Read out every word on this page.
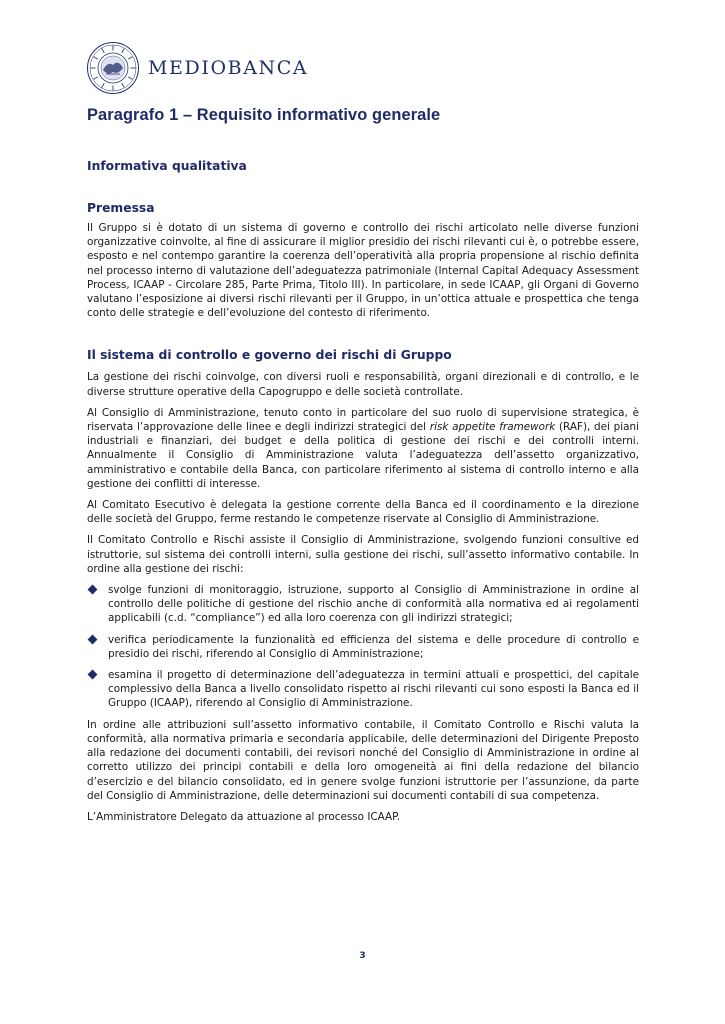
MEDIOBANCA
Paragrafo 1 – Requisito informativo generale
Informativa qualitativa
Premessa

Il Gruppo si è dotato di un sistema di governo e controllo dei rischi articolato nelle diverse funzioni organizzative coinvolte, al fine di assicurare il miglior presidio dei rischi rilevanti cui è, o potrebbe essere, esposto e nel contempo garantire la coerenza dell’operatività alla propria propensione al rischio definita nel processo interno di valutazione dell’adeguatezza patrimoniale (Internal Capital Adequacy Assessment Process, ICAAP - Circolare 285, Parte Prima, Titolo III). In particolare, in sede ICAAP, gli Organi di Governo valutano l’esposizione ai diversi rischi rilevanti per il Gruppo, in un’ottica attuale e prospettica che tenga conto delle strategie e dell’evoluzione del contesto di riferimento.

Il sistema di controllo e governo dei rischi di Gruppo

La gestione dei rischi coinvolge, con diversi ruoli e responsabilità, organi direzionali e di controllo, e le diverse strutture operative della Capogruppo e delle società controllate.

Al Consiglio di Amministrazione, tenuto conto in particolare del suo ruolo di supervisione strategica, è riservata l’approvazione delle linee e degli indirizzi strategici del risk appetite framework (RAF), dei piani industriali e finanziari, dei budget e della politica di gestione dei rischi e dei controlli interni. Annualmente il Consiglio di Amministrazione valuta l’adeguatezza dell’assetto organizzativo, amministrativo e contabile della Banca, con particolare riferimento al sistema di controllo interno e alla gestione dei conflitti di interesse.

Al Comitato Esecutivo è delegata la gestione corrente della Banca ed il coordinamento e la direzione delle società del Gruppo, ferme restando le competenze riservate al Consiglio di Amministrazione.

Il Comitato Controllo e Rischi assiste il Consiglio di Amministrazione, svolgendo funzioni consultive ed istruttorie, sul sistema dei controlli interni, sulla gestione dei rischi, sull’assetto informativo contabile. In ordine alla gestione dei rischi:

svolge funzioni di monitoraggio, istruzione, supporto al Consiglio di Amministrazione in ordine al controllo delle politiche di gestione del rischio anche di conformità alla normativa ed ai regolamenti applicabili (c.d. “compliance”) ed alla loro coerenza con gli indirizzi strategici;

verifica periodicamente la funzionalità ed efficienza del sistema e delle procedure di controllo e presidio dei rischi, riferendo al Consiglio di Amministrazione;

esamina il progetto di determinazione dell’adeguatezza in termini attuali e prospettici, del capitale complessivo della Banca a livello consolidato rispetto ai rischi rilevanti cui sono esposti la Banca ed il Gruppo (ICAAP), riferendo al Consiglio di Amministrazione.

In ordine alle attribuzioni sull’assetto informativo contabile, il Comitato Controllo e Rischi valuta la conformità, alla normativa primaria e secondaria applicabile, delle determinazioni del Dirigente Preposto alla redazione dei documenti contabili, dei revisori nonché del Consiglio di Amministrazione in ordine al corretto utilizzo dei principi contabili e della loro omogeneità ai fini della redazione del bilancio d’esercizio e del bilancio consolidato, ed in genere svolge funzioni istruttorie per l’assunzione, da parte del Consiglio di Amministrazione, delle determinazioni sui documenti contabili di sua competenza.

L’Amministratore Delegato da attuazione al processo ICAAP.

3
